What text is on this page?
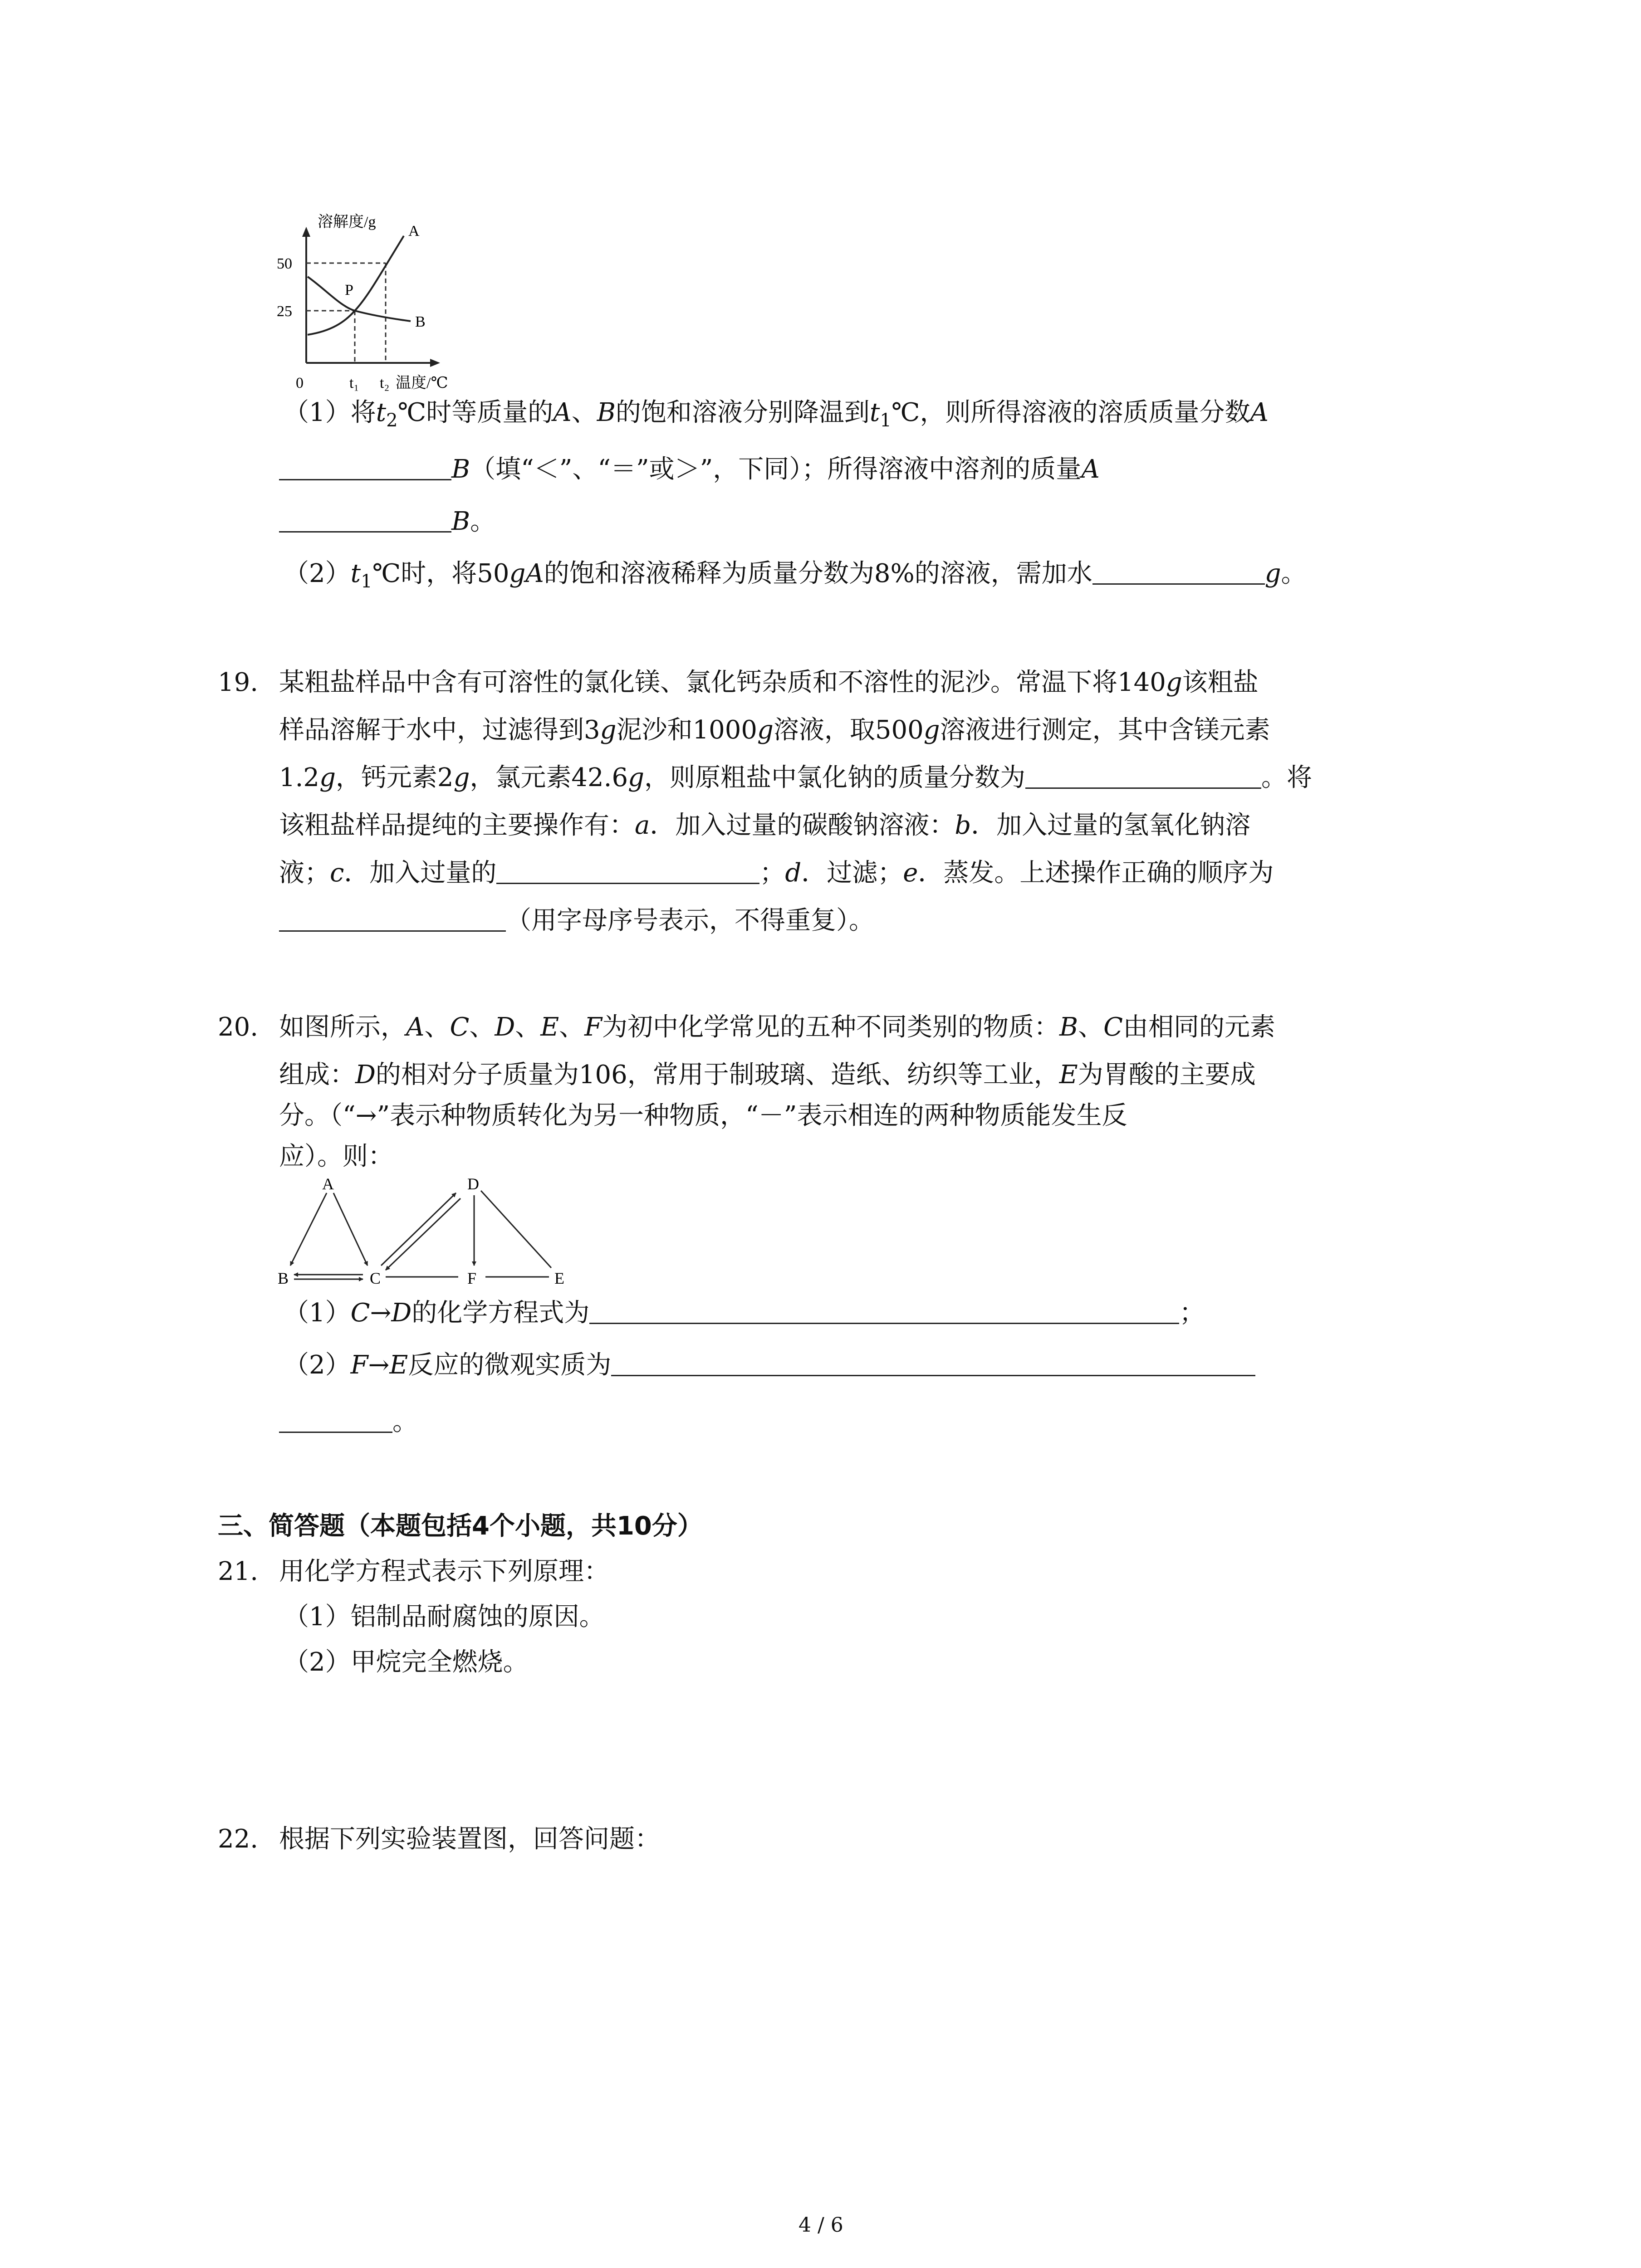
溶解度/g
A
B
P
50
25
0	t₁ t₂ 温度/℃
（1）将$t_2℃$时等质量的A、B的饱和溶液分别降温到$t_1℃$，则所得溶液的溶质质量分数A
B（填“＜”、“＝”或＞”，下同）；所得溶液中溶剂的质量A
B。
$(2)t_1℃$时，将50gA的饱和溶液稀释为质量分数为8%的溶液，需加水	g。
19. 某粗盐样品中含有可溶性的氯化镁、氯化钙杂质和不溶性的泥沙。常温下将140g该粗盐
样品溶解于水中，过滤得到3g泥沙和1000g溶液，取500g溶液进行测定，其中含镁元素
1.2g，钙元素2g，氯元素42.6g，则原粗盐中氯化钠的质量分数为	。将
该粗盐样品提纯的主要操作有：a．加入过量的碳酸钠溶液：b．加入过量的氢氧化钠溶
液；c．加入过量的	；d．过滤；e．蒸发。上述操作正确的顺序为
（用字母序号表示，不得重复）。
20. 如图所示，A、C、D、E、F为初中化学常见的五种不同类别的物质：B、C由相同的元素
组成：D的相对分子质量为106，常用于制玻璃、造纸、纺织等工业，E为胃酸的主要成
分。（“→”表示种物质转化为另一种物质，“－”表示相连的两种物质能发生反
应）。则：
A	D
B	C	F	E
（1）C→D的化学方程式为	；
（2）F→E反应的微观实质为
。
三、简答题（本题包括4个小题，共10分）
21. 用化学方程式表示下列原理：
（1）铝制品耐腐蚀的原因。
（2）甲烷完全燃烧。
22. 根据下列实验装置图，回答问题：
4 / 6
